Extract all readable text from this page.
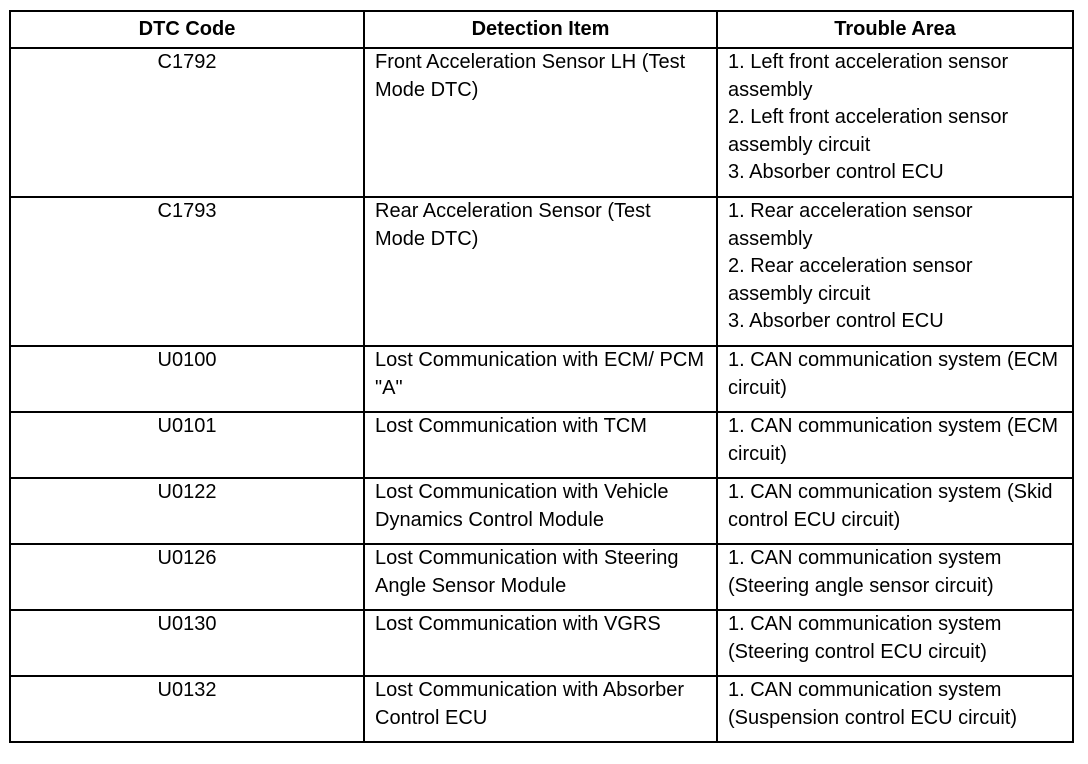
DTC Code	Detection Item	Trouble Area
C1792	Front Acceleration Sensor LH (Test Mode DTC)	1. Left front acceleration sensor assembly
2. Left front acceleration sensor assembly circuit
3. Absorber control ECU

C1793	Rear Acceleration Sensor (Test Mode DTC)	1. Rear acceleration sensor assembly
2. Rear acceleration sensor assembly circuit
3. Absorber control ECU

U0100	Lost Communication with ECM/ PCM "A"	1. CAN communication system (ECM circuit)
U0101	Lost Communication with TCM	1. CAN communication system (ECM circuit)
U0122	Lost Communication with Vehicle Dynamics Control Module	1. CAN communication system (Skid control ECU circuit)
U0126	Lost Communication with Steering Angle Sensor Module	1. CAN communication system (Steering angle sensor circuit)
U0130	Lost Communication with VGRS	1. CAN communication system (Steering control ECU circuit)
U0132	Lost Communication with Absorber Control ECU	1. CAN communication system (Suspension control ECU circuit)
